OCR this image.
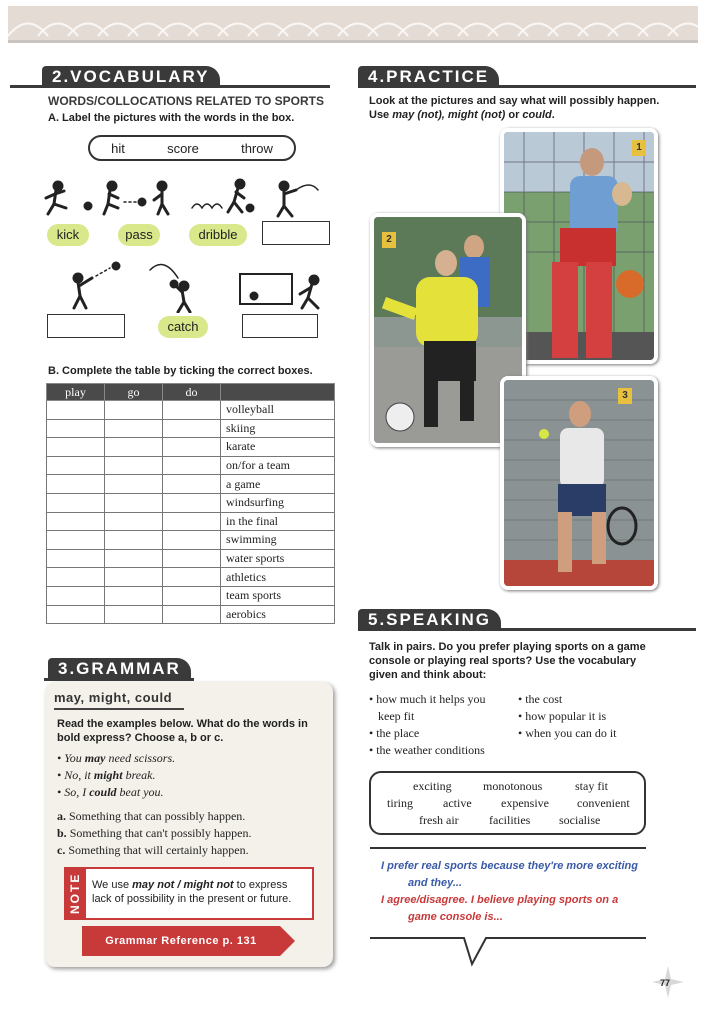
2.VOCABULARY
WORDS/COLLOCATIONS RELATED TO SPORTS
A. Label the pictures with the words in the box.
hit	score	throw
kick	pass	dribble
catch
B. Complete the table by ticking the correct boxes.
play	go	do	
			volleyball
			skiing
			karate
			on/for a team
			a game
			windsurfing
			in the final
			swimming
			water sports
			athletics
			team sports
			aerobics
3.GRAMMAR
may, might, could
Read the examples below. What do the words in
bold express? Choose a, b or c.
• You may need scissors.
• No, it might break.
• So, I could beat you.
a. Something that can possibly happen.
b. Something that can't possibly happen.
c. Something that will certainly happen.
NOTE We use may not / might not to express
lack of possibility in the present or future.
Grammar Reference p. 131
4.PRACTICE
Look at the pictures and say what will possibly happen.
Use may (not), might (not) or could.
1
2
3
5.SPEAKING
Talk in pairs. Do you prefer playing sports on a game
console or playing real sports? Use the vocabulary
given and think about:
• how much it helps you
keep fit
• the place
• the weather conditions
• the cost
• how popular it is
• when you can do it
exciting	monotonous	stay fit
tiring	active expensive convenient
fresh air	facilities socialise
I prefer real sports because they're more exciting
and they...
I agree/disagree. I believe playing sports on a
game console is...
77
